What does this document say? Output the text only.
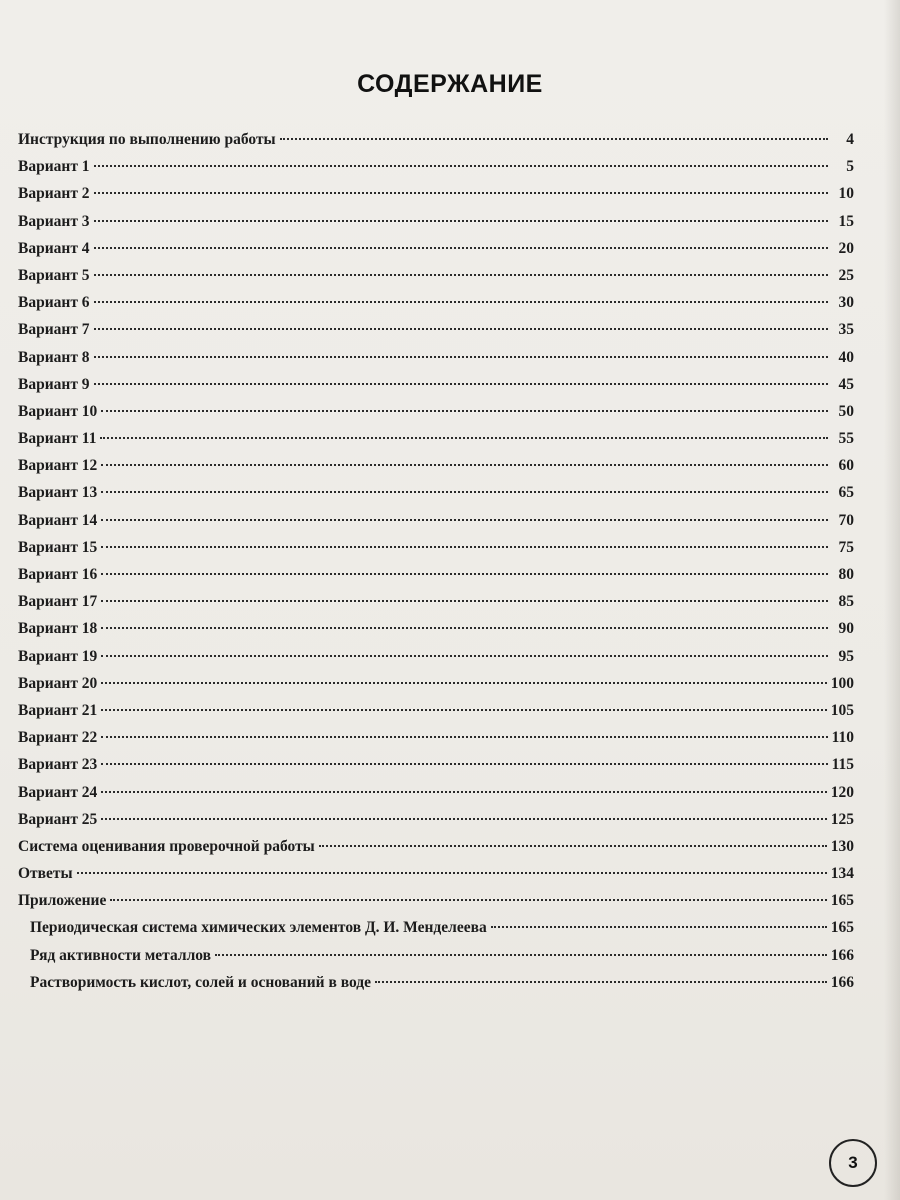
СОДЕРЖАНИЕ
Инструкция по выполнению работы	4
Вариант 1	5
Вариант 2	10
Вариант 3	15
Вариант 4	20
Вариант 5	25
Вариант 6	30
Вариант 7	35
Вариант 8	40
Вариант 9	45
Вариант 10	50
Вариант 11	55
Вариант 12	60
Вариант 13	65
Вариант 14	70
Вариант 15	75
Вариант 16	80
Вариант 17	85
Вариант 18	90
Вариант 19	95
Вариант 20	100
Вариант 21	105
Вариант 22	110
Вариант 23	115
Вариант 24	120
Вариант 25	125
Система оценивания проверочной работы	130
Ответы	134
Приложение	165
Периодическая система химических элементов Д. И. Менделеева	165
Ряд активности металлов	166
Растворимость кислот, солей и оснований в воде	166
3
